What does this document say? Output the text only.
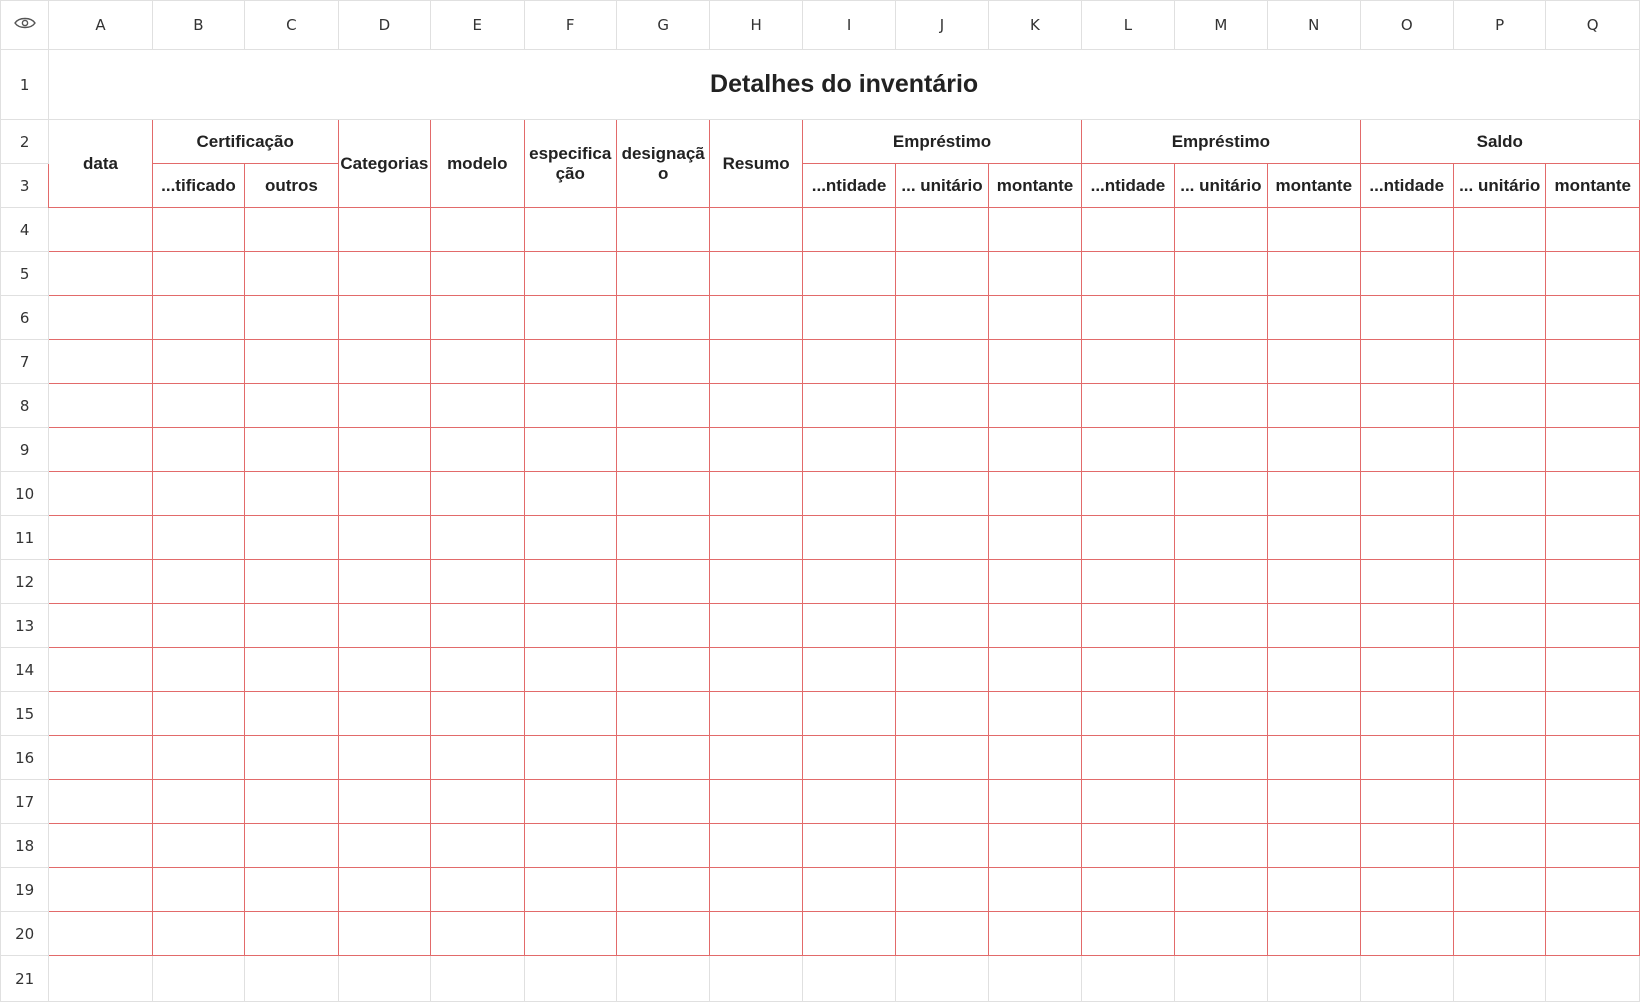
	A	B	C	D	E	F	G	H	I	J	K	L	M	N	O	P	Q
1	Detalhes do inventário																
2	data	Certificação		Categorias	modelo	especificação	designação	Resumo	Empréstimo			Empréstimo			Saldo		
3		...tificado	outros						...ntidade	... unitário	montante	...ntidade	... unitário	montante	...ntidade	... unitário	montante
4																	
5																	
6																	
7																	
8																	
9																	
10																	
11																	
12																	
13																	
14																	
15																	
16																	
17																	
18																	
19																	
20																	
21																	
